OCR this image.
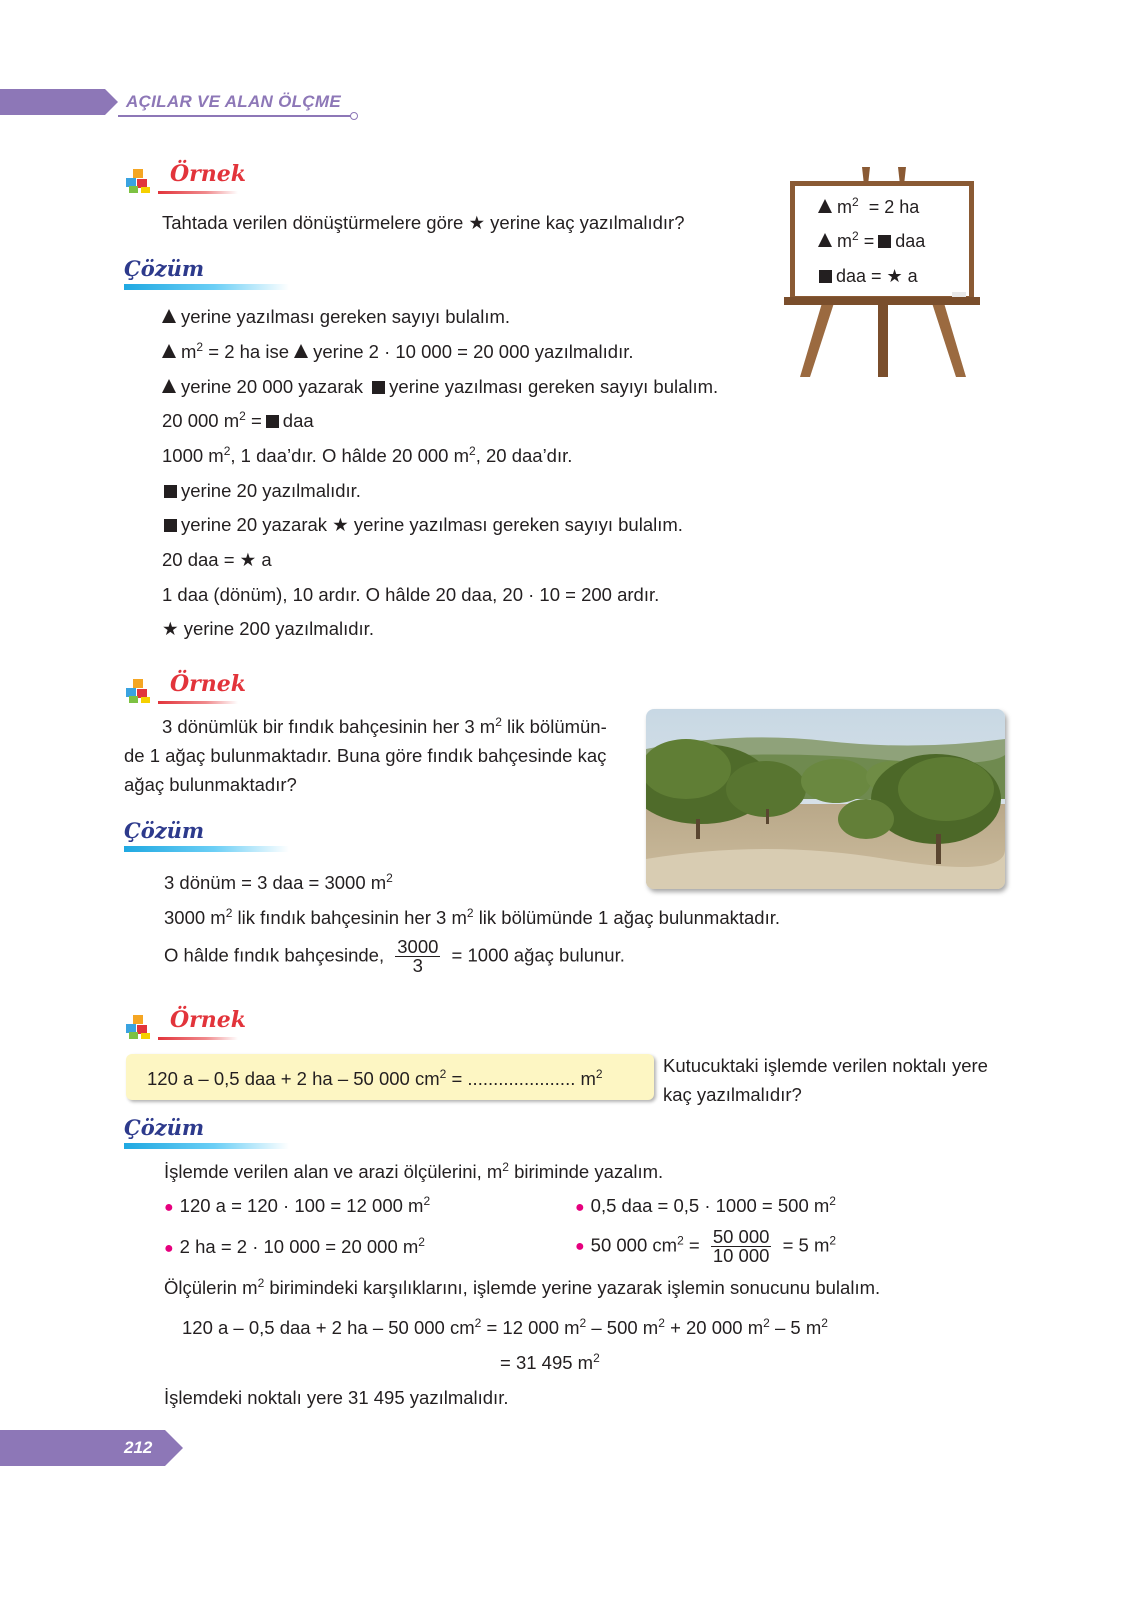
AÇILAR VE ALAN ÖLÇME
Örnek
Tahtada verilen dönüştürmelere göre ★ yerine kaç yazılmalıdır?
Çözüm
$m^2 = 2$ ha
$m^2$ = daa
daa = ★ a
yerine yazılması gereken sayıyı bulalım.
$m^2 = 2$ ha ise yerine 2 · 10 000 = 20 000 yazılmalıdır.
yerine 20 000 yazarak yerine yazılması gereken sayıyı bulalım.
20 000 $m^2$ = daa
1000 $m^2$, 1 daa’dır. O hâlde 20 000 $m^2$, 20 daa’dır.
yerine 20 yazılmalıdır.
yerine 20 yazarak ★ yerine yazılması gereken sayıyı bulalım.
20 daa = ★ a
1 daa (dönüm), 10 ardır. O hâlde 20 daa, 20 · 10 = 200 ardır.
★ yerine 200 yazılmalıdır.
Örnek
3 dönümlük bir fındık bahçesinin her 3 $m^2$ lik bölümün-
de 1 ağaç bulunmaktadır. Buna göre fındık bahçesinde kaç
ağaç bulunmaktadır?
Çözüm
3 dönüm = 3 daa = 3000 $m^2$
3000 $m^2$ lik fındık bahçesinin her 3 $m^2$ lik bölümünde 1 ağaç bulunmaktadır.
O hâlde fındık bahçesinde, $\frac{3000}{3} = 1000$ ağaç bulunur.
Örnek
120 a – 0,5 daa + 2 ha – 50 000 $cm^2$ = ..................... $m^2$	Kutucuktaki işlemde verilen noktalı yere
kaç yazılmalıdır?
Çözüm
İşlemde verilen alan ve arazi ölçülerini, $m^2$ biriminde yazalım.
● 120 a = 120 · 100 = 12 000 $m^2$	● 0,5 daa = 0,5 · 1000 = 500 $m^2$
● 2 ha = 2 · 10 000 = 20 000 $m^2$	● 50 000 $cm^2 = \frac{50 000}{10 000} = 5$ $m^2$
Ölçülerin $m^2$ birimindeki karşılıklarını, işlemde yerine yazarak işlemin sonucunu bulalım.
120 a – 0,5 daa + 2 ha – 50 000 $cm^2 = 12$ 000 $m^2 - 500$ $m^2 + 20$ 000 $m^2 - 5$ $m^2$
= 31 495 $m^2$
İşlemdeki noktalı yere 31 495 yazılmalıdır.
212
